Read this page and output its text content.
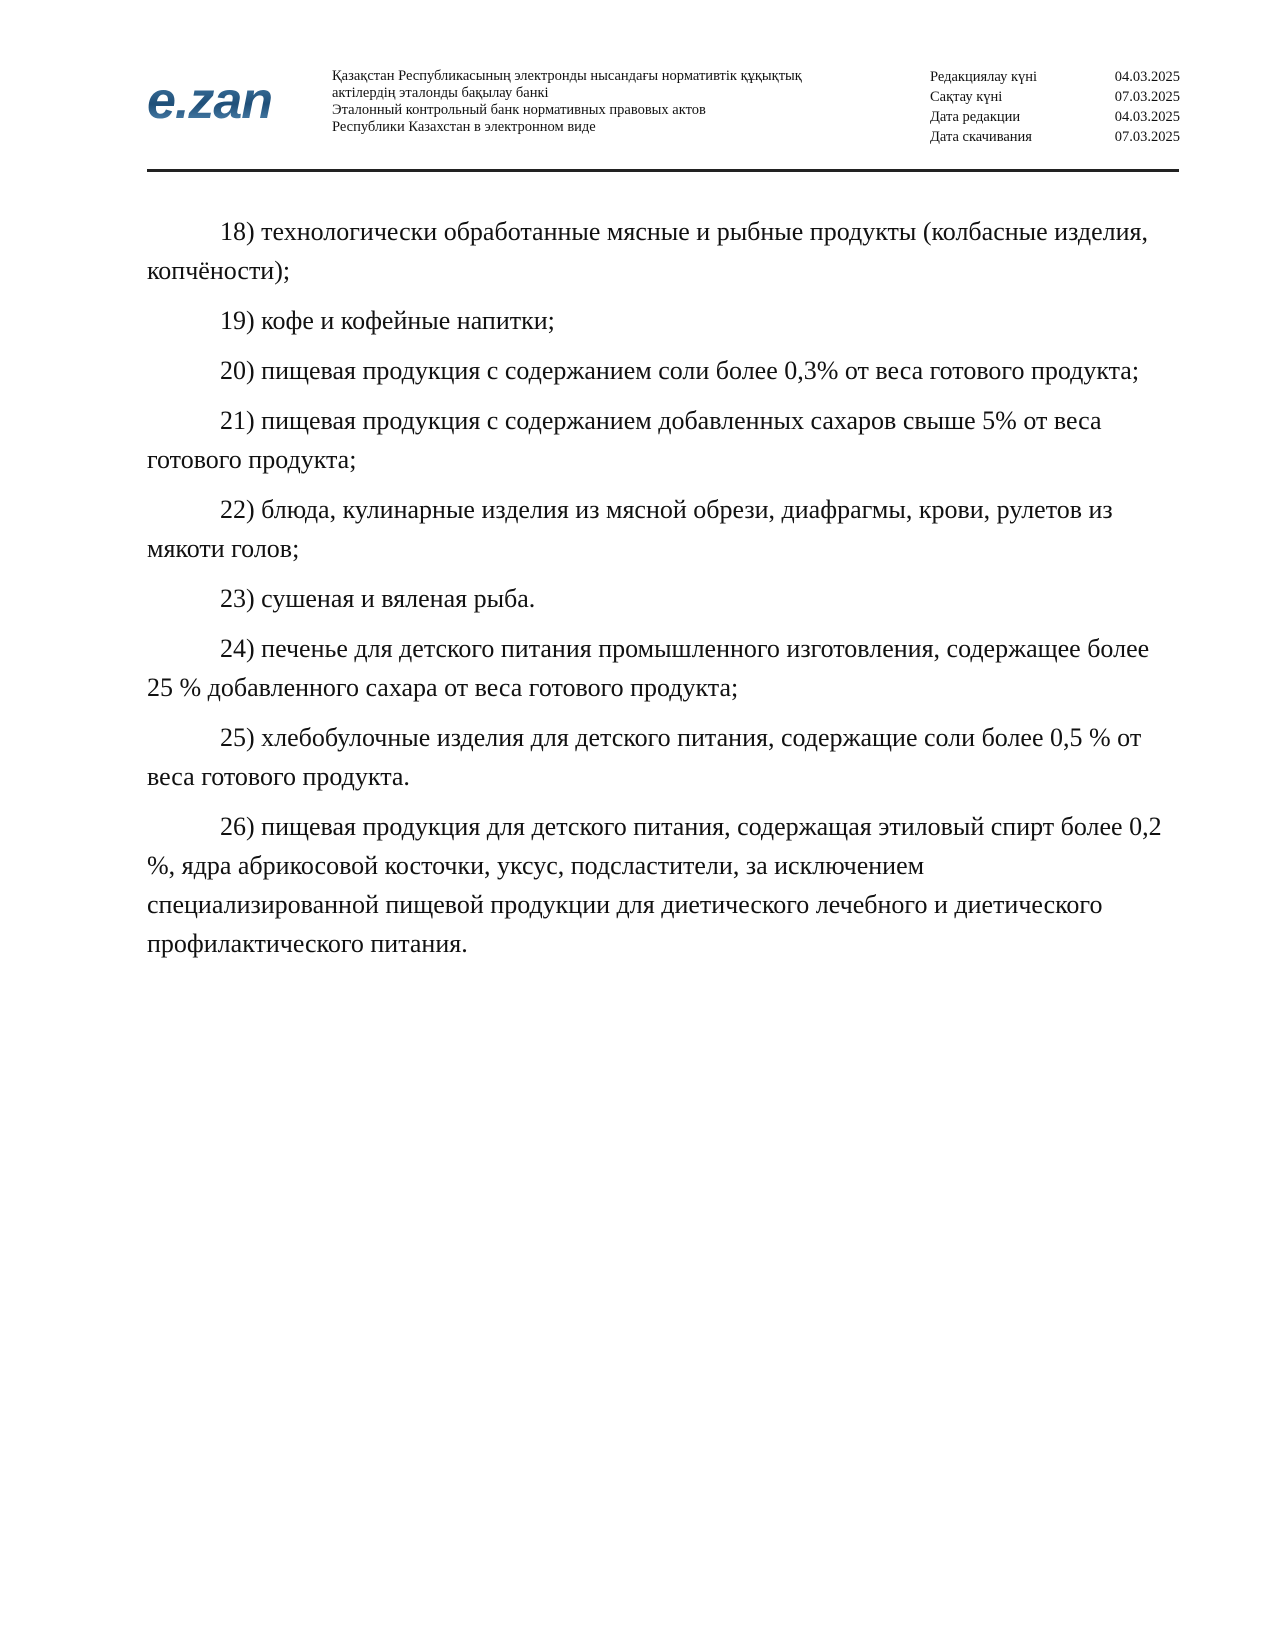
e.zan	Қазақстан Республикасының электронды нысандағы нормативтік құқықтық
актілердің эталонды бақылау банкі
Эталонный контрольный банк нормативных правовых актов
Республики Казахстан в электронном виде
Редакциялау күні	04.03.2025
Сақтау күні	07.03.2025
Дата редакции	04.03.2025
Дата скачивания	07.03.2025

18) технологически обработанные мясные и рыбные продукты (колбасные изделия, копчёности);

19) кофе и кофейные напитки;

20) пищевая продукция с содержанием соли более 0,3% от веса готового продукта;

21) пищевая продукция с содержанием добавленных сахаров свыше 5% от веса готового продукта;

22) блюда, кулинарные изделия из мясной обрези, диафрагмы, крови, рулетов из мякоти голов;

23) сушеная и вяленая рыба.

24) печенье для детского питания промышленного изготовления, содержащее более 25 % добавленного сахара от веса готового продукта;

25) хлебобулочные изделия для детского питания, содержащие соли более 0,5 % от веса готового продукта.

26) пищевая продукция для детского питания, содержащая этиловый спирт более 0,2 %, ядра абрикосовой косточки, уксус, подсластители, за исключением специализированной пищевой продукции для диетического лечебного и диетического профилактического питания.
